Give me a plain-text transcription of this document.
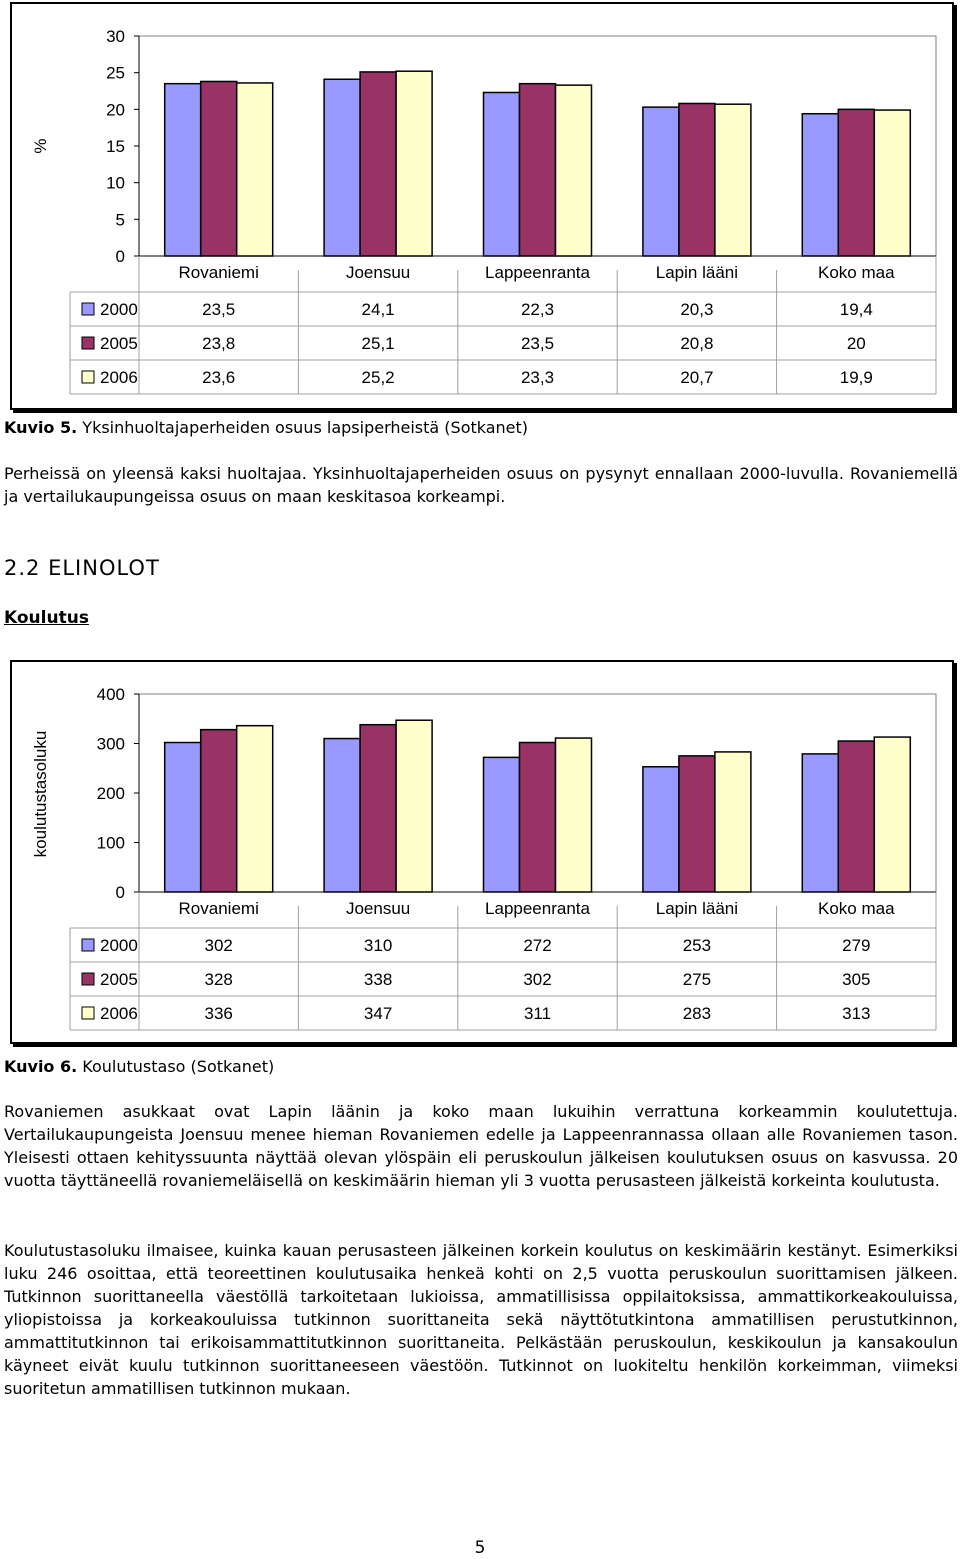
0
5
10
15
20
25
30
%
Rovaniemi	Joensuu	Lappeenranta	Lapin lääni	Koko maa
2000	23,5	24,1	22,3	20,3	19,4
2005	23,8	25,1	23,5	20,8	20
2006	23,6	25,2	23,3	20,7	19,9

Kuvio 5. Yksinhuoltajaperheiden osuus lapsiperheistä (Sotkanet)

Perheissä on yleensä kaksi huoltajaa. Yksinhuoltajaperheiden osuus on pysynyt ennallaan 2000-luvulla. Rovaniemellä ja vertailukaupungeissa osuus on maan keskitasoa korkeampi.

2.2 ELINOLOT
Koulutus
0
100
200
300
400
koulutustasoluku
Rovaniemi	Joensuu	Lappeenranta	Lapin lääni	Koko maa
2000	302	310	272	253	279
2005	328	338	302	275	305
2006	336	347	311	283	313

Kuvio 6. Koulutustaso (Sotkanet)

Rovaniemen asukkaat ovat Lapin läänin ja koko maan lukuihin verrattuna korkeammin koulutettuja. Vertailukaupungeista Joensuu menee hieman Rovaniemen edelle ja Lappeenrannassa ollaan alle Rovaniemen tason. Yleisesti ottaen kehityssuunta näyttää olevan ylöspäin eli peruskoulun jälkeisen koulutuksen osuus on kasvussa. 20 vuotta täyttäneellä rovaniemeläisellä on keskimäärin hieman yli 3 vuotta perusasteen jälkeistä korkeinta koulutusta.

Koulutustasoluku ilmaisee, kuinka kauan perusasteen jälkeinen korkein koulutus on keskimäärin kestänyt. Esimerkiksi luku 246 osoittaa, että teoreettinen koulutusaika henkeä kohti on 2,5 vuotta peruskoulun suorittamisen jälkeen. Tutkinnon suorittaneella väestöllä tarkoitetaan lukioissa, ammatillisissa oppilaitoksissa, ammattikorkeakouluissa, yliopistoissa ja korkeakouluissa tutkinnon suorittaneita sekä näyttötutkintona ammatillisen perustutkinnon, ammattitutkinnon tai erikoisammattitutkinnon suorittaneita. Pelkästään peruskoulun, keskikoulun ja kansakoulun käyneet eivät kuulu tutkinnon suorittaneeseen väestöön. Tutkinnot on luokiteltu henkilön korkeimman, viimeksi suoritetun ammatillisen tutkinnon mukaan.

5
